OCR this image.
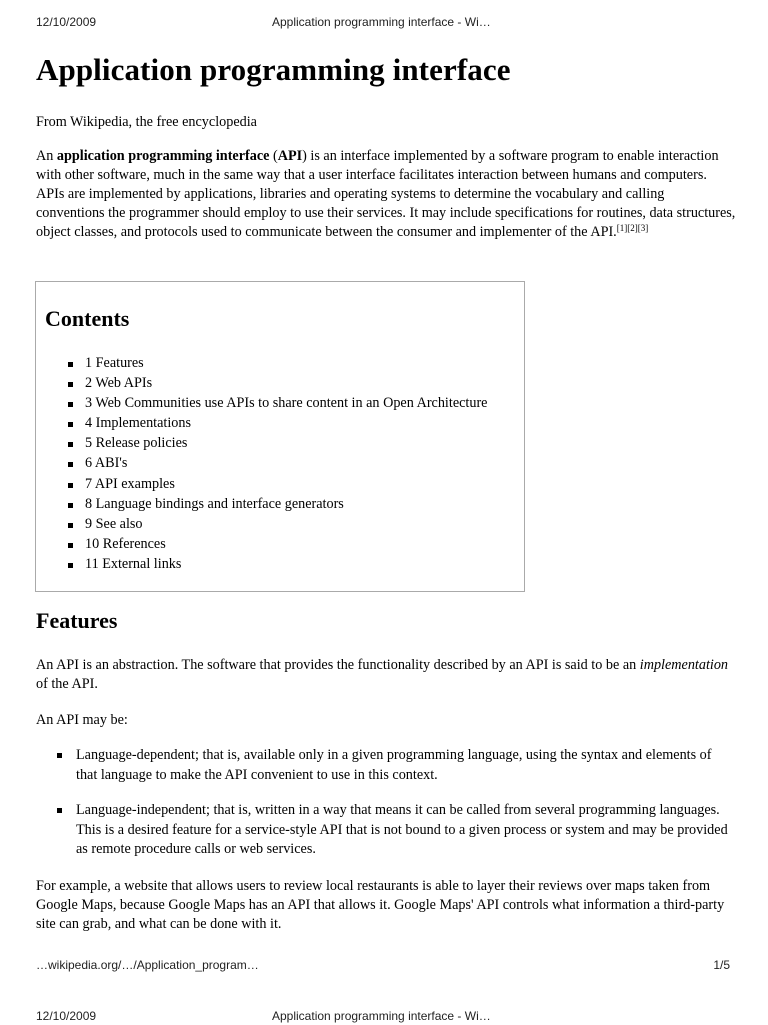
12/10/2009	Application programming interface - Wi…
Application programming interface

From Wikipedia, the free encyclopedia

An application programming interface (API) is an interface implemented by a software program to enable interaction with other software, much in the same way that a user interface facilitates interaction between humans and computers. APIs are implemented by applications, libraries and operating systems to determine the vocabulary and calling conventions the programmer should employ to use their services. It may include specifications for routines, data structures, object classes, and protocols used to communicate between the consumer and implementer of the API.[1][2][3]

Contents
1 Features
2 Web APIs
3 Web Communities use APIs to share content in an Open Architecture
4 Implementations
5 Release policies
6 ABI's
7 API examples
8 Language bindings and interface generators
9 See also
10 References
11 External links
Features

An API is an abstraction. The software that provides the functionality described by an API is said to be an implementation of the API.

An API may be:

Language-dependent; that is, available only in a given programming language, using the syntax and elements of that language to make the API convenient to use in this context.
Language-independent; that is, written in a way that means it can be called from several programming languages. This is a desired feature for a service-style API that is not bound to a given process or system and may be provided as remote procedure calls or web services.

For example, a website that allows users to review local restaurants is able to layer their reviews over maps taken from Google Maps, because Google Maps has an API that allows it. Google Maps' API controls what information a third-party site can grab, and what can be done with it.

…wikipedia.org/…/Application_program…	1/5
12/10/2009	Application programming interface - Wi…
